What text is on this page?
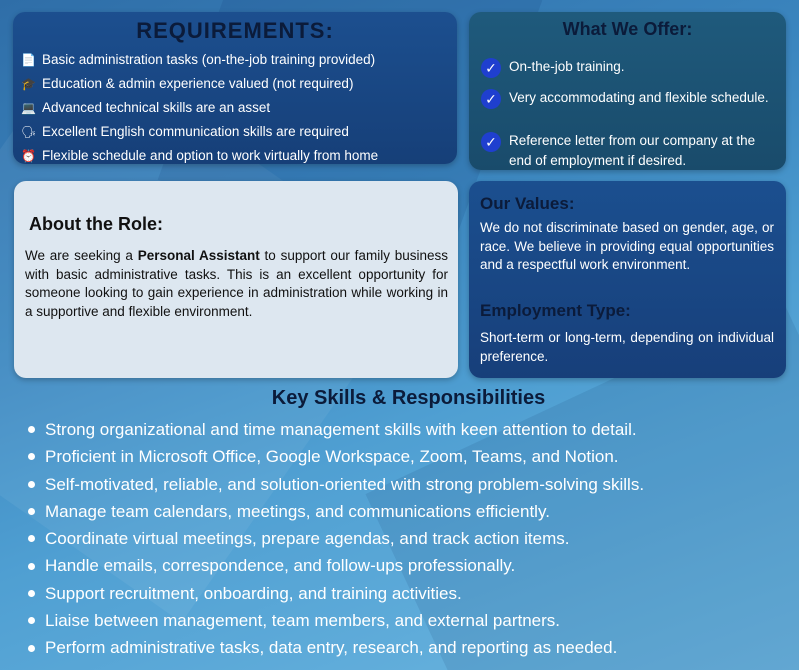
REQUIREMENTS:
📄 Basic administration tasks (on-the-job training provided)
🎓 Education & admin experience valued (not required)
💻 Advanced technical skills are an asset
🗣 Excellent English communication skills are required
⏰ Flexible schedule and option to work virtually from home
What We Offer:
✓ On-the-job training.
✓ Very accommodating and flexible schedule.
✓ Reference letter from our company at the end of employment if desired.
About the Role:

We are seeking a Personal Assistant to support our family business with basic administrative tasks. This is an excellent opportunity for someone looking to gain experience in administration while working in a supportive and flexible environment.

Our Values:

We do not discriminate based on gender, age, or race. We believe in providing equal opportunities and a respectful work environment.

Employment Type:

Short-term or long-term, depending on individual preference.

Key Skills & Responsibilities
Strong organizational and time management skills with keen attention to detail.
Proficient in Microsoft Office, Google Workspace, Zoom, Teams, and Notion.
Self-motivated, reliable, and solution-oriented with strong problem-solving skills.
Manage team calendars, meetings, and communications efficiently.
Coordinate virtual meetings, prepare agendas, and track action items.
Handle emails, correspondence, and follow-ups professionally.
Support recruitment, onboarding, and training activities.
Liaise between management, team members, and external partners.
Perform administrative tasks, data entry, research, and reporting as needed.
